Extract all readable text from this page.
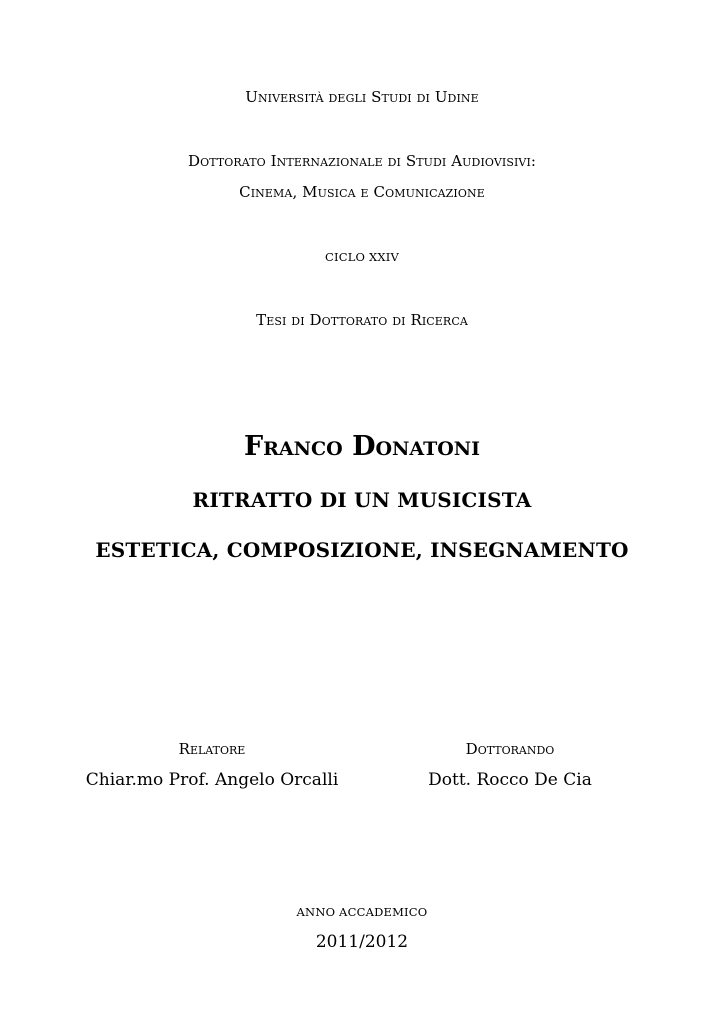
Università degli Studi di Udine
Dottorato Internazionale di Studi Audiovisivi:
Cinema, Musica e Comunicazione
CICLO XXIV
Tesi di Dottorato di Ricerca
Franco Donatoni
RITRATTO DI UN MUSICISTA
ESTETICA, COMPOSIZIONE, INSEGNAMENTO
Relatore
Chiar.mo Prof. Angelo Orcalli
Dottorando
Dott. Rocco De Cia
ANNO ACCADEMICO
2011/2012
